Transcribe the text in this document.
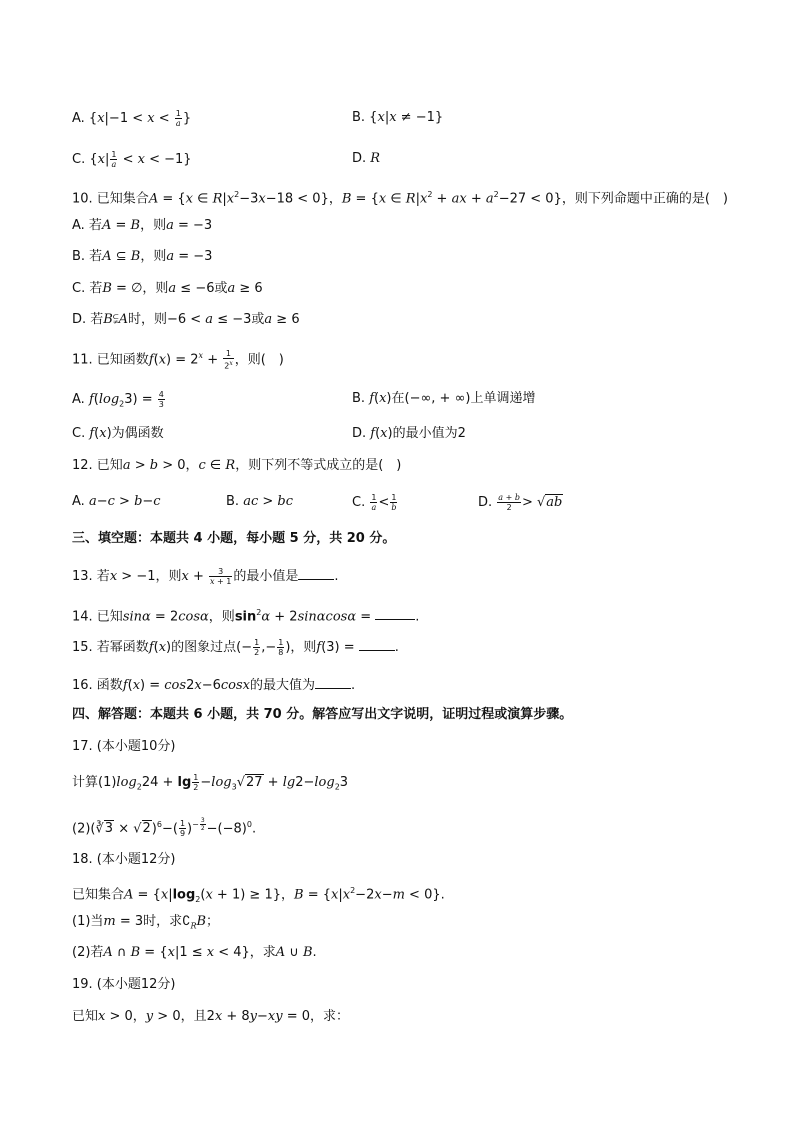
A. {$x|-1 < x < \frac{1}{a}$ }	B. {x|x ≠ −1}
C. $\{x| \frac{1}{a} < x < -1\}$	D. R
10. 已知集合A = {x ∈ $R|x^2-3x-18 < 0$}，B = {x ∈ $R|x^2$ + ax + $a^2-27 < 0$}，则下列命题中正确的是(　)
A. 若A = B，则a = −3
B. 若A ⊆ B，则a = −3
C. 若B = ∅，则a ≤ −6或a ≥ 6
D. 若B⫋A时，则−6 < a ≤ −3或a ≥ 6
11. 已知函数$f(x) = 2^x + \frac{1}{2^x}$ ，则(　)
A. $f(\log_23) = \frac{4}{3}$	B. f(x)在(−∞, + ∞)上单调递增
C. f(x)为偶函数	D. f(x)的最小值为2
12. 已知a > b > 0，c ∈ R，则下列不等式成立的是(　)
A. a−c > b−c	B. ac > bc	C. $\frac{1}{a} < \frac{1}{b}$	D. $\frac{a + b}{2} > √ab$
三、填空题：本题共 4 小题，每小题 5 分，共 20 分。
13. 若x > −1，则$x + \frac{3}{x + 1}$ 的最小值是	.
14. 已知sinα = 2cosα，则$\sin^2\alpha + 2\sin\alpha\cos\alpha$ =	.
15. 若幂函数f(x)的图象过点(− $\frac{1}{2}$ ,− $\frac{1}{8}$ )，则f(3) =	.
16. 函数f(x) = cos2x−6cosx的最大值为	.
四、解答题：本题共 6 小题，共 70 分。解答应写出文字说明，证明过程或演算步骤。
17. (本小题10分)
计算$(1)\log_224 + \lg \frac{1}{2} -\log_3√27 + \lg 2-\log_23$
(2)(∛3 × $√2)^6-( \frac{1}{9} )^{- \frac{3}{2}} -(-8)^0$.
18. (本小题12分)
已知集合$A = \{x|\log_2(x + 1) \ge 1\}$，$B = \{x|x^2-2x-m < 0\}$.
(1)当m = 3时，求$∁_RB$；
(2)若A ∩ B = {x|1 ≤ x < 4}，求A ∪ B.
19. (本小题12分)
已知x > 0，y > 0，且2x + 8y−xy = 0，求：
